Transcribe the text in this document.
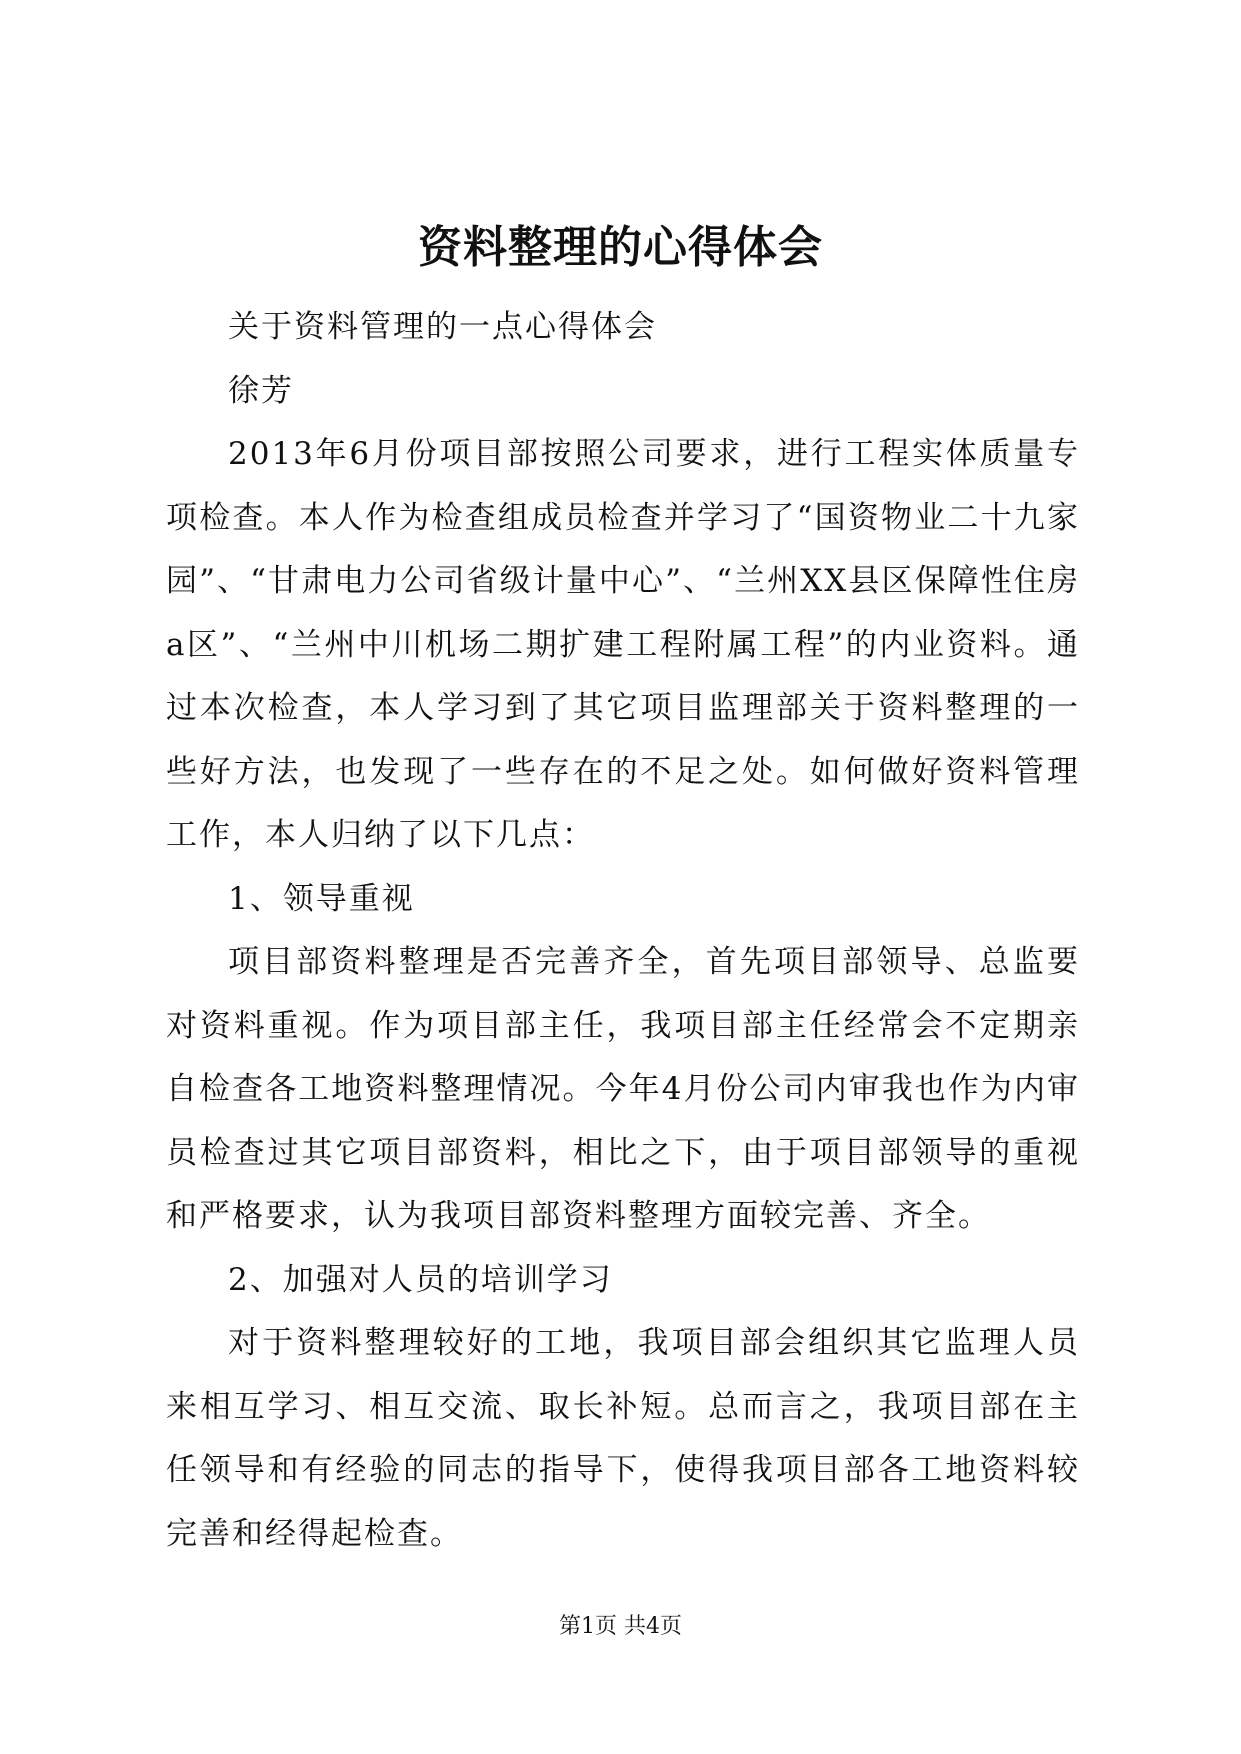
资料整理的心得体会

关于资料管理的一点心得体会

徐芳

2013年6月份项目部按照公司要求，进行工程实体质量专项检查。本人作为检查组成员检查并学习了“国资物业二十九家园”、“甘肃电力公司省级计量中心”、“兰州XX县区保障性住房a区”、“兰州中川机场二期扩建工程附属工程”的内业资料。通过本次检查，本人学习到了其它项目监理部关于资料整理的一些好方法，也发现了一些存在的不足之处。如何做好资料管理工作，本人归纳了以下几点：

1、领导重视

项目部资料整理是否完善齐全，首先项目部领导、总监要对资料重视。作为项目部主任，我项目部主任经常会不定期亲自检查各工地资料整理情况。今年4月份公司内审我也作为内审员检查过其它项目部资料，相比之下，由于项目部领导的重视和严格要求，认为我项目部资料整理方面较完善、齐全。

2、加强对人员的培训学习

对于资料整理较好的工地，我项目部会组织其它监理人员来相互学习、相互交流、取长补短。总而言之，我项目部在主任领导和有经验的同志的指导下，使得我项目部各工地资料较完善和经得起检查。

第1页 共4页
